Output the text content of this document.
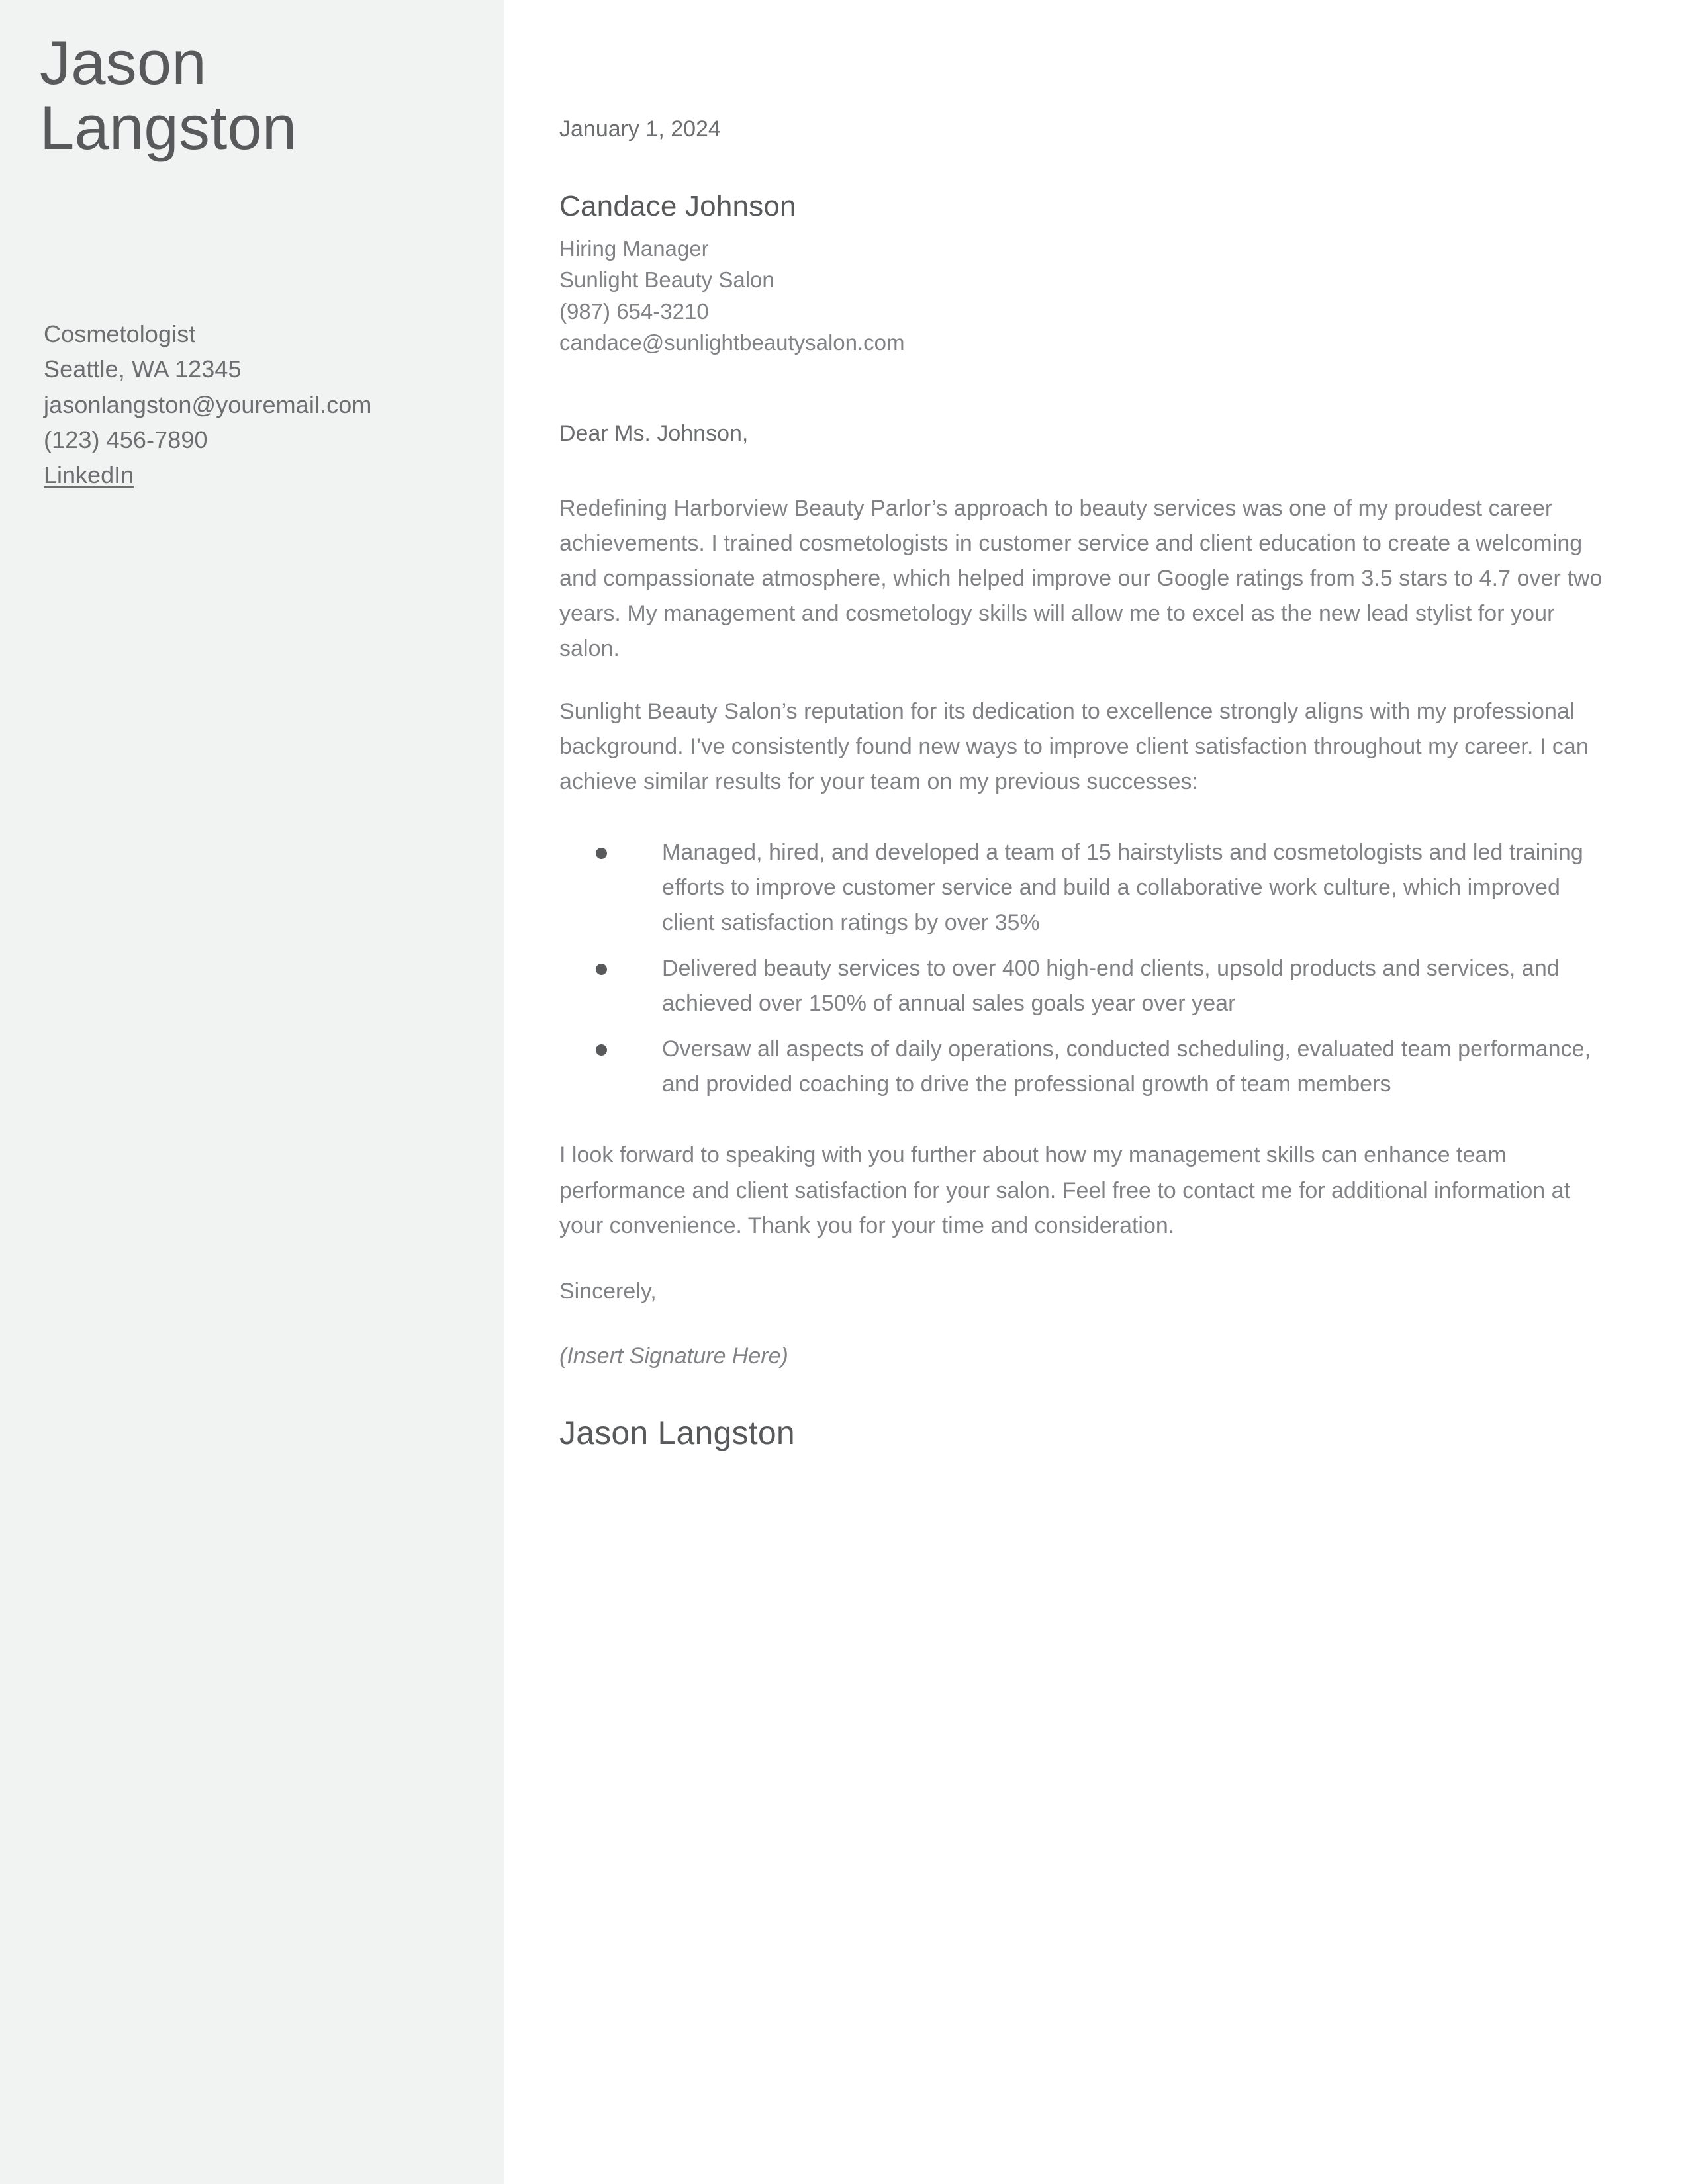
Jason
Langston
Cosmetologist
Seattle, WA 12345
jasonlangston@youremail.com
(123) 456-7890
LinkedIn
January 1, 2024
Candace Johnson
Hiring Manager
Sunlight Beauty Salon
(987) 654-3210
candace@sunlightbeautysalon.com
Dear Ms. Johnson,

Redefining Harborview Beauty Parlor’s approach to beauty services was one of my proudest career achievements. I trained cosmetologists in customer service and client education to create a welcoming and compassionate atmosphere, which helped improve our Google ratings from 3.5 stars to 4.7 over two years. My management and cosmetology skills will allow me to excel as the new lead stylist for your salon.

Sunlight Beauty Salon’s reputation for its dedication to excellence strongly aligns with my professional background. I’ve consistently found new ways to improve client satisfaction throughout my career. I can achieve similar results for your team on my previous successes:

Managed, hired, and developed a team of 15 hairstylists and cosmetologists and led training efforts to improve customer service and build a collaborative work culture, which improved client satisfaction ratings by over 35%
Delivered beauty services to over 400 high-end clients, upsold products and services, and achieved over 150% of annual sales goals year over year
Oversaw all aspects of daily operations, conducted scheduling, evaluated team performance, and provided coaching to drive the professional growth of team members

I look forward to speaking with you further about how my management skills can enhance team performance and client satisfaction for your salon. Feel free to contact me for additional information at your convenience. Thank you for your time and consideration.

Sincerely,

(Insert Signature Here)

Jason Langston
